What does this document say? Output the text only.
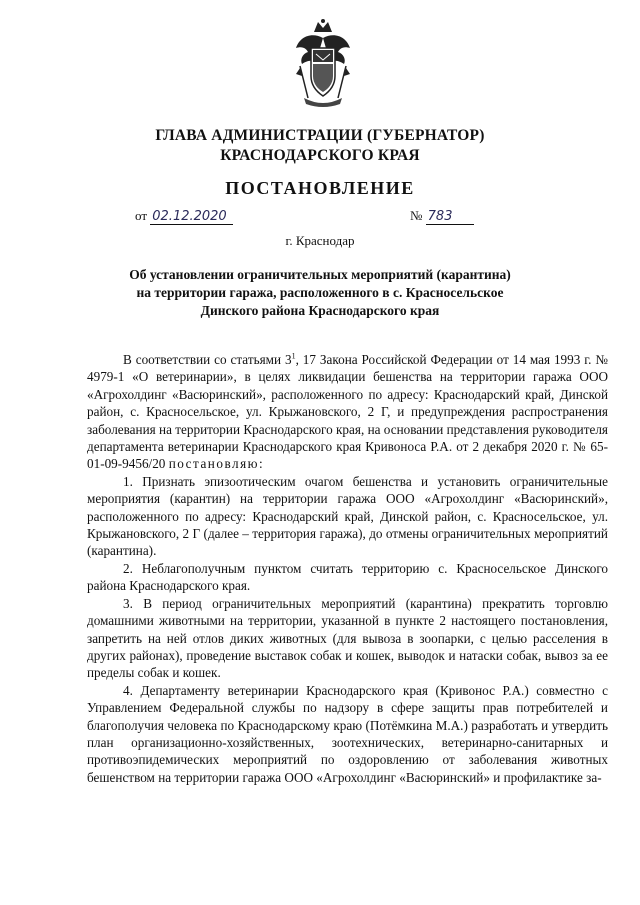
ГЛАВА АДМИНИСТРАЦИИ (ГУБЕРНАТОР)
КРАСНОДАРСКОГО КРАЯ
ПОСТАНОВЛЕНИЕ
от 02.12.2020	№ 783
г. Краснодар
Об установлении ограничительных мероприятий (карантина)
на территории гаража, расположенного в с. Красносельское
Динского района Краснодарского края

В соответствии со статьями $3^1$, 17 Закона Российской Федерации от 14 мая 1993 г. № 4979-1 «О ветеринарии», в целях ликвидации бешенства на территории гаража ООО «Агрохолдинг «Васюринский», расположенного по адресу: Краснодарский край, Динской район, с. Красносельское, ул. Крыжановского, 2 Г, и предупреждения распространения заболевания на территории Краснодарского края, на основании представления руководителя департамента ветеринарии Краснодарского края Кривоноса Р.А. от 2 декабря 2020 г. № 65-01-09-9456/20 постановляю:

1. Признать эпизоотическим очагом бешенства и установить ограничительные мероприятия (карантин) на территории гаража ООО «Агрохолдинг «Васюринский», расположенного по адресу: Краснодарский край, Динской район, с. Красносельское, ул. Крыжановского, 2 Г (далее – территория гаража), до отмены ограничительных мероприятий (карантина).

2. Неблагополучным пунктом считать территорию с. Красносельское Динского района Краснодарского края.

3. В период ограничительных мероприятий (карантина) прекратить торговлю домашними животными на территории, указанной в пункте 2 настоящего постановления, запретить на ней отлов диких животных (для вывоза в зоопарки, с целью расселения в других районах), проведение выставок собак и кошек, выводок и натаски собак, вывоз за ее пределы собак и кошек.

4. Департаменту ветеринарии Краснодарского края (Кривонос Р.А.) совместно с Управлением Федеральной службы по надзору в сфере защиты прав потребителей и благополучия человека по Краснодарскому краю (Потёмкина М.А.) разработать и утвердить план организационно-хозяйственных, зоотехнических, ветеринарно-санитарных и противоэпидемических мероприятий по оздоровлению от заболевания животных бешенством на территории гаража ООО «Агрохолдинг «Васюринский» и профилактике за-
